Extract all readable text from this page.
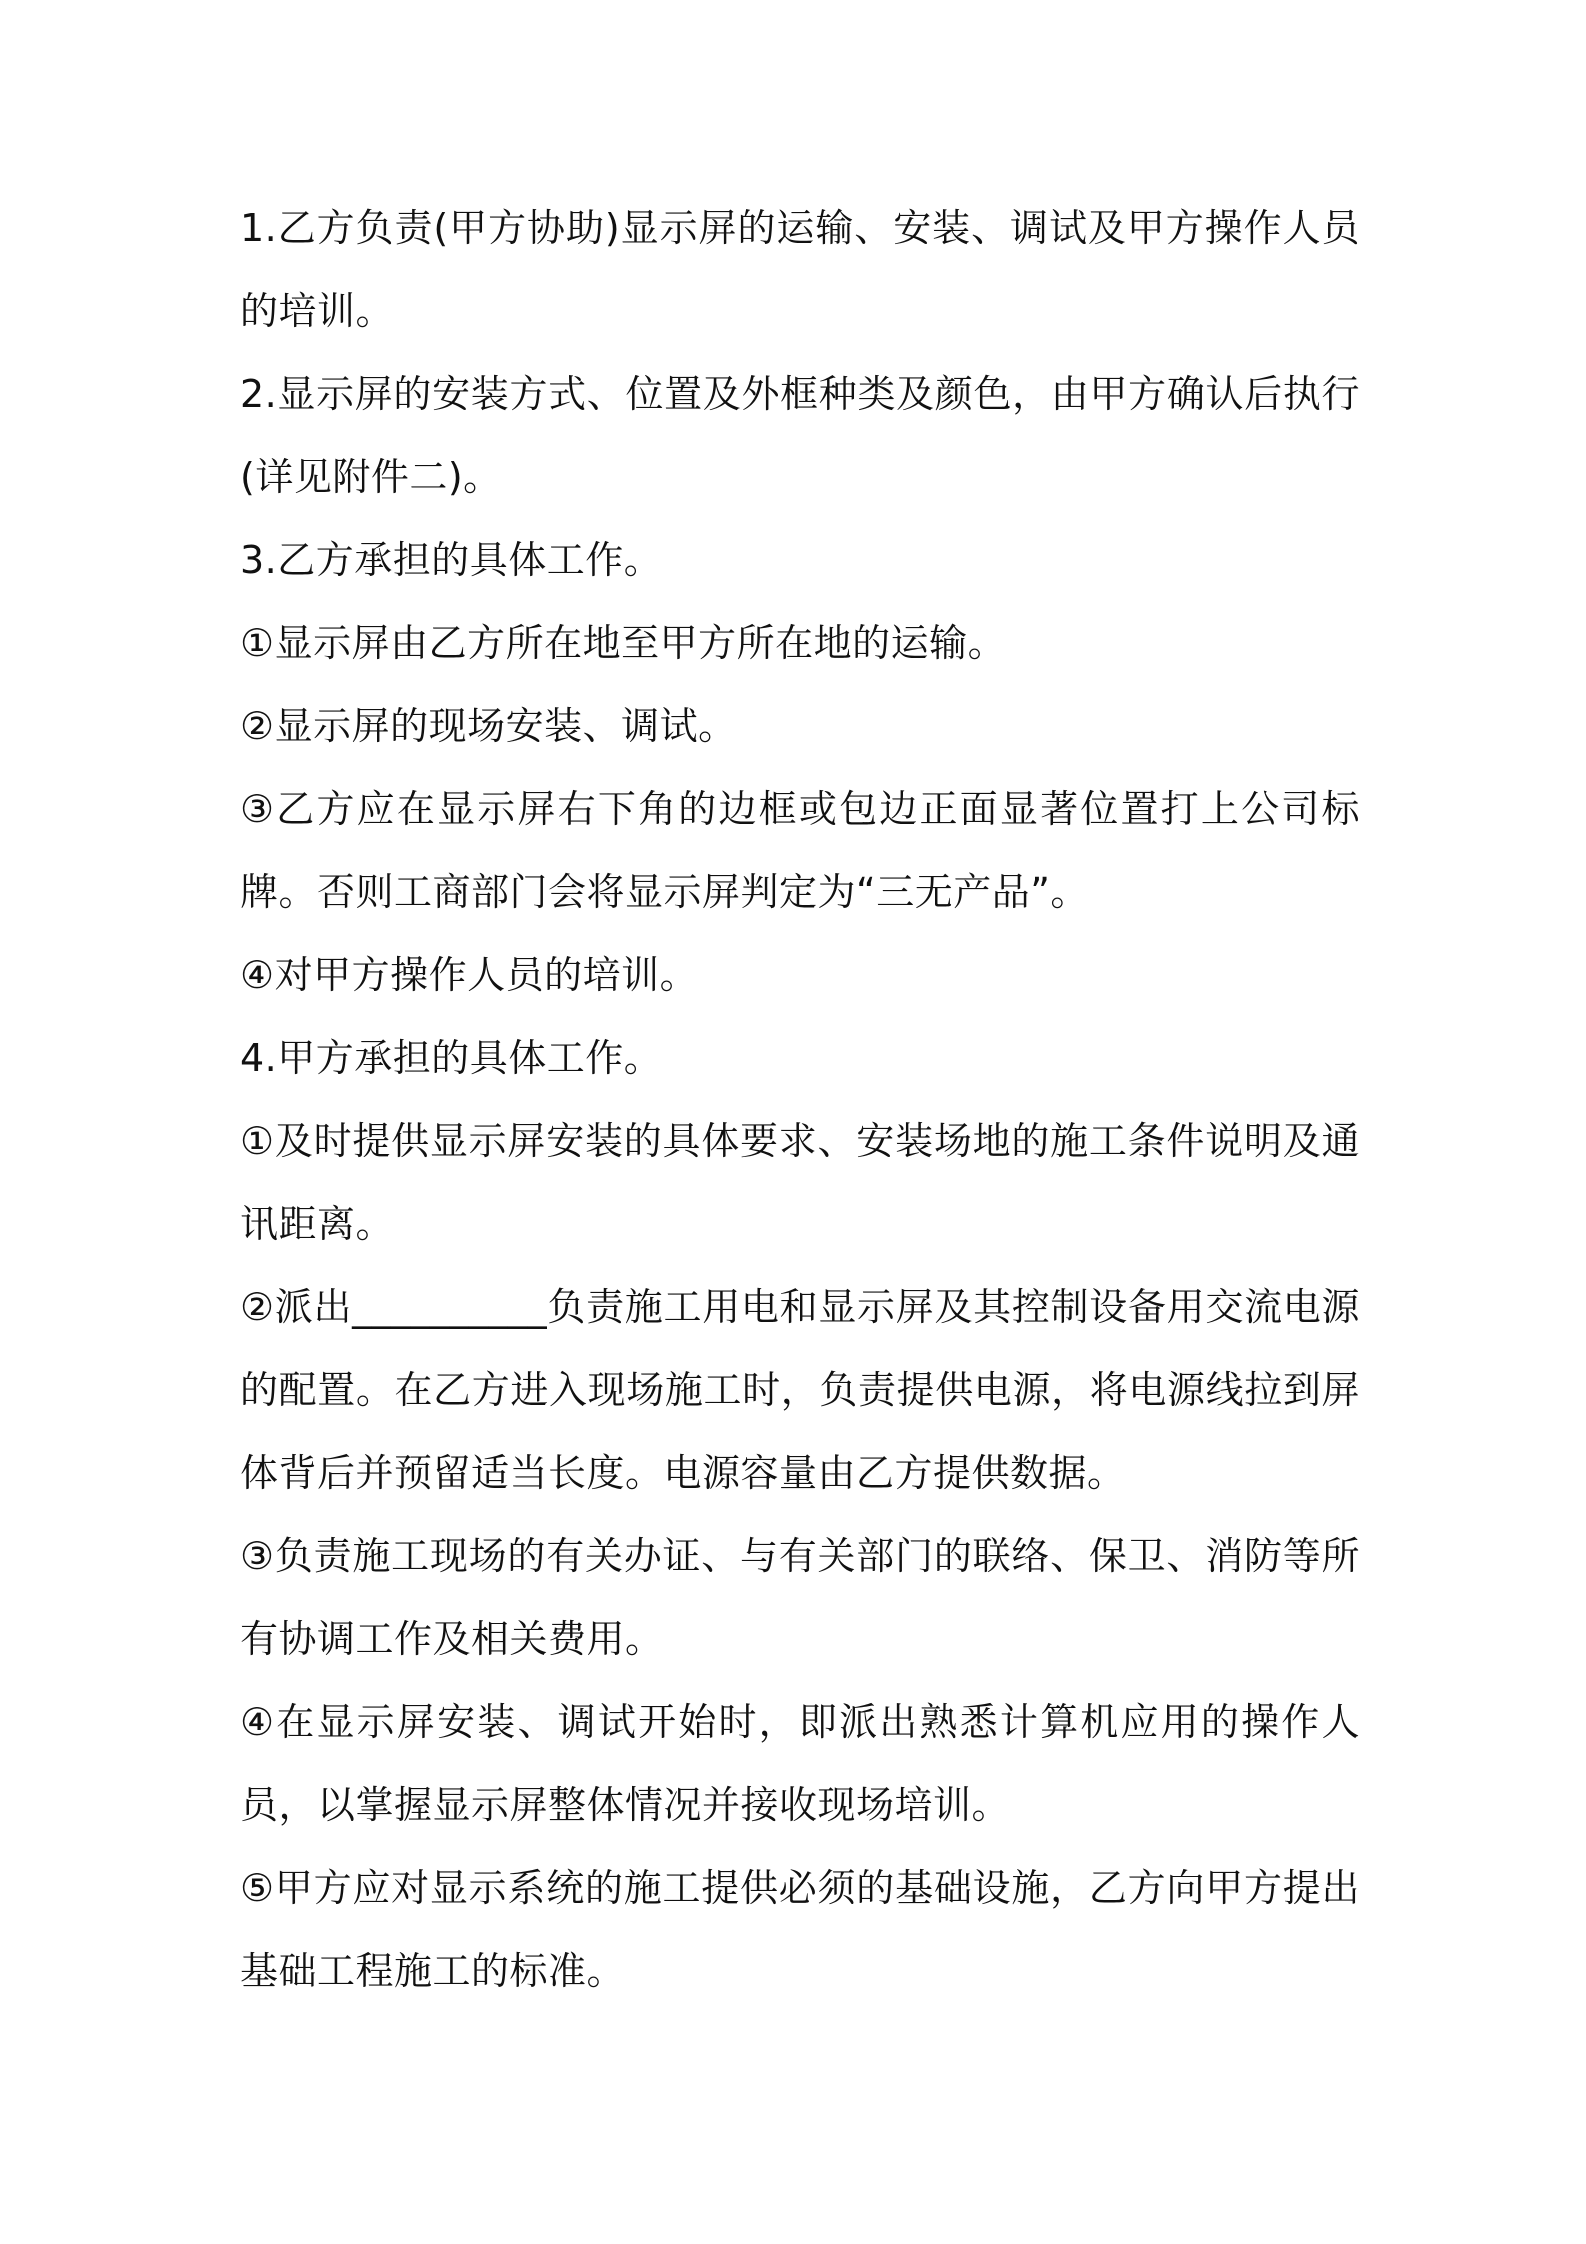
1.乙方负责(甲方协助)显示屏的运输、安装、调试及甲方操作人员的培训。

2.显示屏的安装方式、位置及外框种类及颜色，由甲方确认后执行(详见附件二)。

3.乙方承担的具体工作。

①显示屏由乙方所在地至甲方所在地的运输。

②显示屏的现场安装、调试。

③乙方应在显示屏右下角的边框或包边正面显著位置打上公司标牌。否则工商部门会将显示屏判定为“三无产品”。

④对甲方操作人员的培训。

4.甲方承担的具体工作。

①及时提供显示屏安装的具体要求、安装场地的施工条件说明及通讯距离。

②派出__________负责施工用电和显示屏及其控制设备用交流电源的配置。在乙方进入现场施工时，负责提供电源，将电源线拉到屏体背后并预留适当长度。电源容量由乙方提供数据。

③负责施工现场的有关办证、与有关部门的联络、保卫、消防等所有协调工作及相关费用。

④在显示屏安装、调试开始时，即派出熟悉计算机应用的操作人员，以掌握显示屏整体情况并接收现场培训。

⑤甲方应对显示系统的施工提供必须的基础设施，乙方向甲方提出基础工程施工的标准。
